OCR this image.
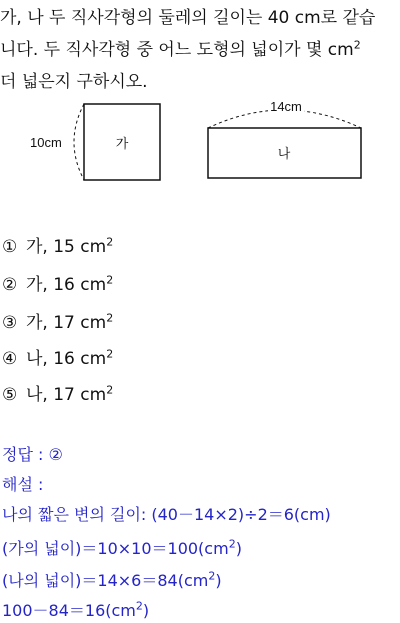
가, 나 두 직사각형의 둘레의 길이는 40 cm로 같습
니다. 두 직사각형 중 어느 도형의 넓이가 몇 $cm^2$
더 넓은지 구하시오.
10cm	가
14cm
나
① 가, 15 $cm^2$
② 가, 16 $cm^2$
③ 가, 17 $cm^2$
④ 나, 16 $cm^2$
⑤ 나, 17 $cm^2$
정답 : ②
해설 :
나의 짧은 변의 길이: (40－14×2)÷2＝6(cm)
(가의 넓이)$=10\times 10=100(cm^2)$
(나의 넓이)$=14\times 6=84(cm^2)$
$100-84=16(cm^2)$
